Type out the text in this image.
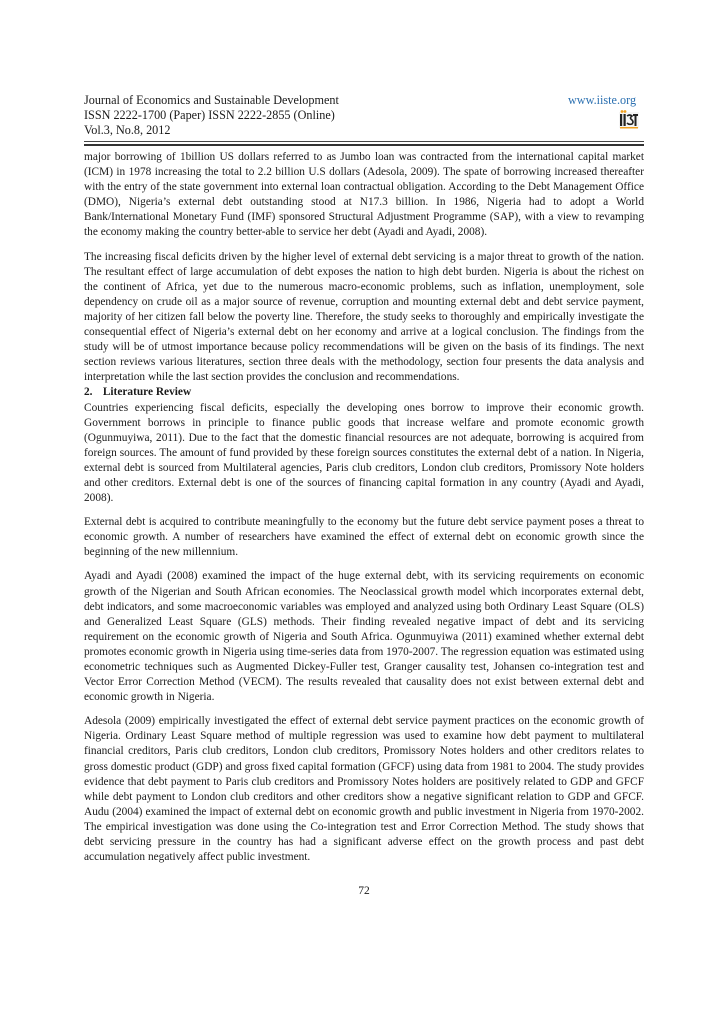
Journal of Economics and Sustainable Development
ISSN 2222-1700 (Paper) ISSN 2222-2855 (Online)
Vol.3, No.8, 2012
www.iiste.org

major borrowing of 1billion US dollars referred to as Jumbo loan was contracted from the international capital market (ICM) in 1978 increasing the total to 2.2 billion U.S dollars (Adesola, 2009). The spate of borrowing increased thereafter with the entry of the state government into external loan contractual obligation. According to the Debt Management Office (DMO), Nigeria’s external debt outstanding stood at N17.3 billion. In 1986, Nigeria had to adopt a World Bank/International Monetary Fund (IMF) sponsored Structural Adjustment Programme (SAP), with a view to revamping the economy making the country better-able to service her debt (Ayadi and Ayadi, 2008).

The increasing fiscal deficits driven by the higher level of external debt servicing is a major threat to growth of the nation. The resultant effect of large accumulation of debt exposes the nation to high debt burden. Nigeria is about the richest on the continent of Africa, yet due to the numerous macro-economic problems, such as inflation, unemployment, sole dependency on crude oil as a major source of revenue, corruption and mounting external debt and debt service payment, majority of her citizen fall below the poverty line. Therefore, the study seeks to thoroughly and empirically investigate the consequential effect of Nigeria’s external debt on her economy and arrive at a logical conclusion. The findings from the study will be of utmost importance because policy recommendations will be given on the basis of its findings. The next section reviews various literatures, section three deals with the methodology, section four presents the data analysis and interpretation while the last section provides the conclusion and recommendations.

2. Literature Review

Countries experiencing fiscal deficits, especially the developing ones borrow to improve their economic growth. Government borrows in principle to finance public goods that increase welfare and promote economic growth (Ogunmuyiwa, 2011). Due to the fact that the domestic financial resources are not adequate, borrowing is acquired from foreign sources. The amount of fund provided by these foreign sources constitutes the external debt of a nation. In Nigeria, external debt is sourced from Multilateral agencies, Paris club creditors, London club creditors, Promissory Note holders and other creditors. External debt is one of the sources of financing capital formation in any country (Ayadi and Ayadi, 2008).

External debt is acquired to contribute meaningfully to the economy but the future debt service payment poses a threat to economic growth. A number of researchers have examined the effect of external debt on economic growth since the beginning of the new millennium.

Ayadi and Ayadi (2008) examined the impact of the huge external debt, with its servicing requirements on economic growth of the Nigerian and South African economies. The Neoclassical growth model which incorporates external debt, debt indicators, and some macroeconomic variables was employed and analyzed using both Ordinary Least Square (OLS) and Generalized Least Square (GLS) methods. Their finding revealed negative impact of debt and its servicing requirement on the economic growth of Nigeria and South Africa. Ogunmuyiwa (2011) examined whether external debt promotes economic growth in Nigeria using time-series data from 1970-2007. The regression equation was estimated using econometric techniques such as Augmented Dickey-Fuller test, Granger causality test, Johansen co-integration test and Vector Error Correction Method (VECM). The results revealed that causality does not exist between external debt and economic growth in Nigeria.

Adesola (2009) empirically investigated the effect of external debt service payment practices on the economic growth of Nigeria. Ordinary Least Square method of multiple regression was used to examine how debt payment to multilateral financial creditors, Paris club creditors, London club creditors, Promissory Notes holders and other creditors relates to gross domestic product (GDP) and gross fixed capital formation (GFCF) using data from 1981 to 2004. The study provides evidence that debt payment to Paris club creditors and Promissory Notes holders are positively related to GDP and GFCF while debt payment to London club creditors and other creditors show a negative significant relation to GDP and GFCF. Audu (2004) examined the impact of external debt on economic growth and public investment in Nigeria from 1970-2002. The empirical investigation was done using the Co-integration test and Error Correction Method. The study shows that debt servicing pressure in the country has had a significant adverse effect on the growth process and past debt accumulation negatively affect public investment.

72
